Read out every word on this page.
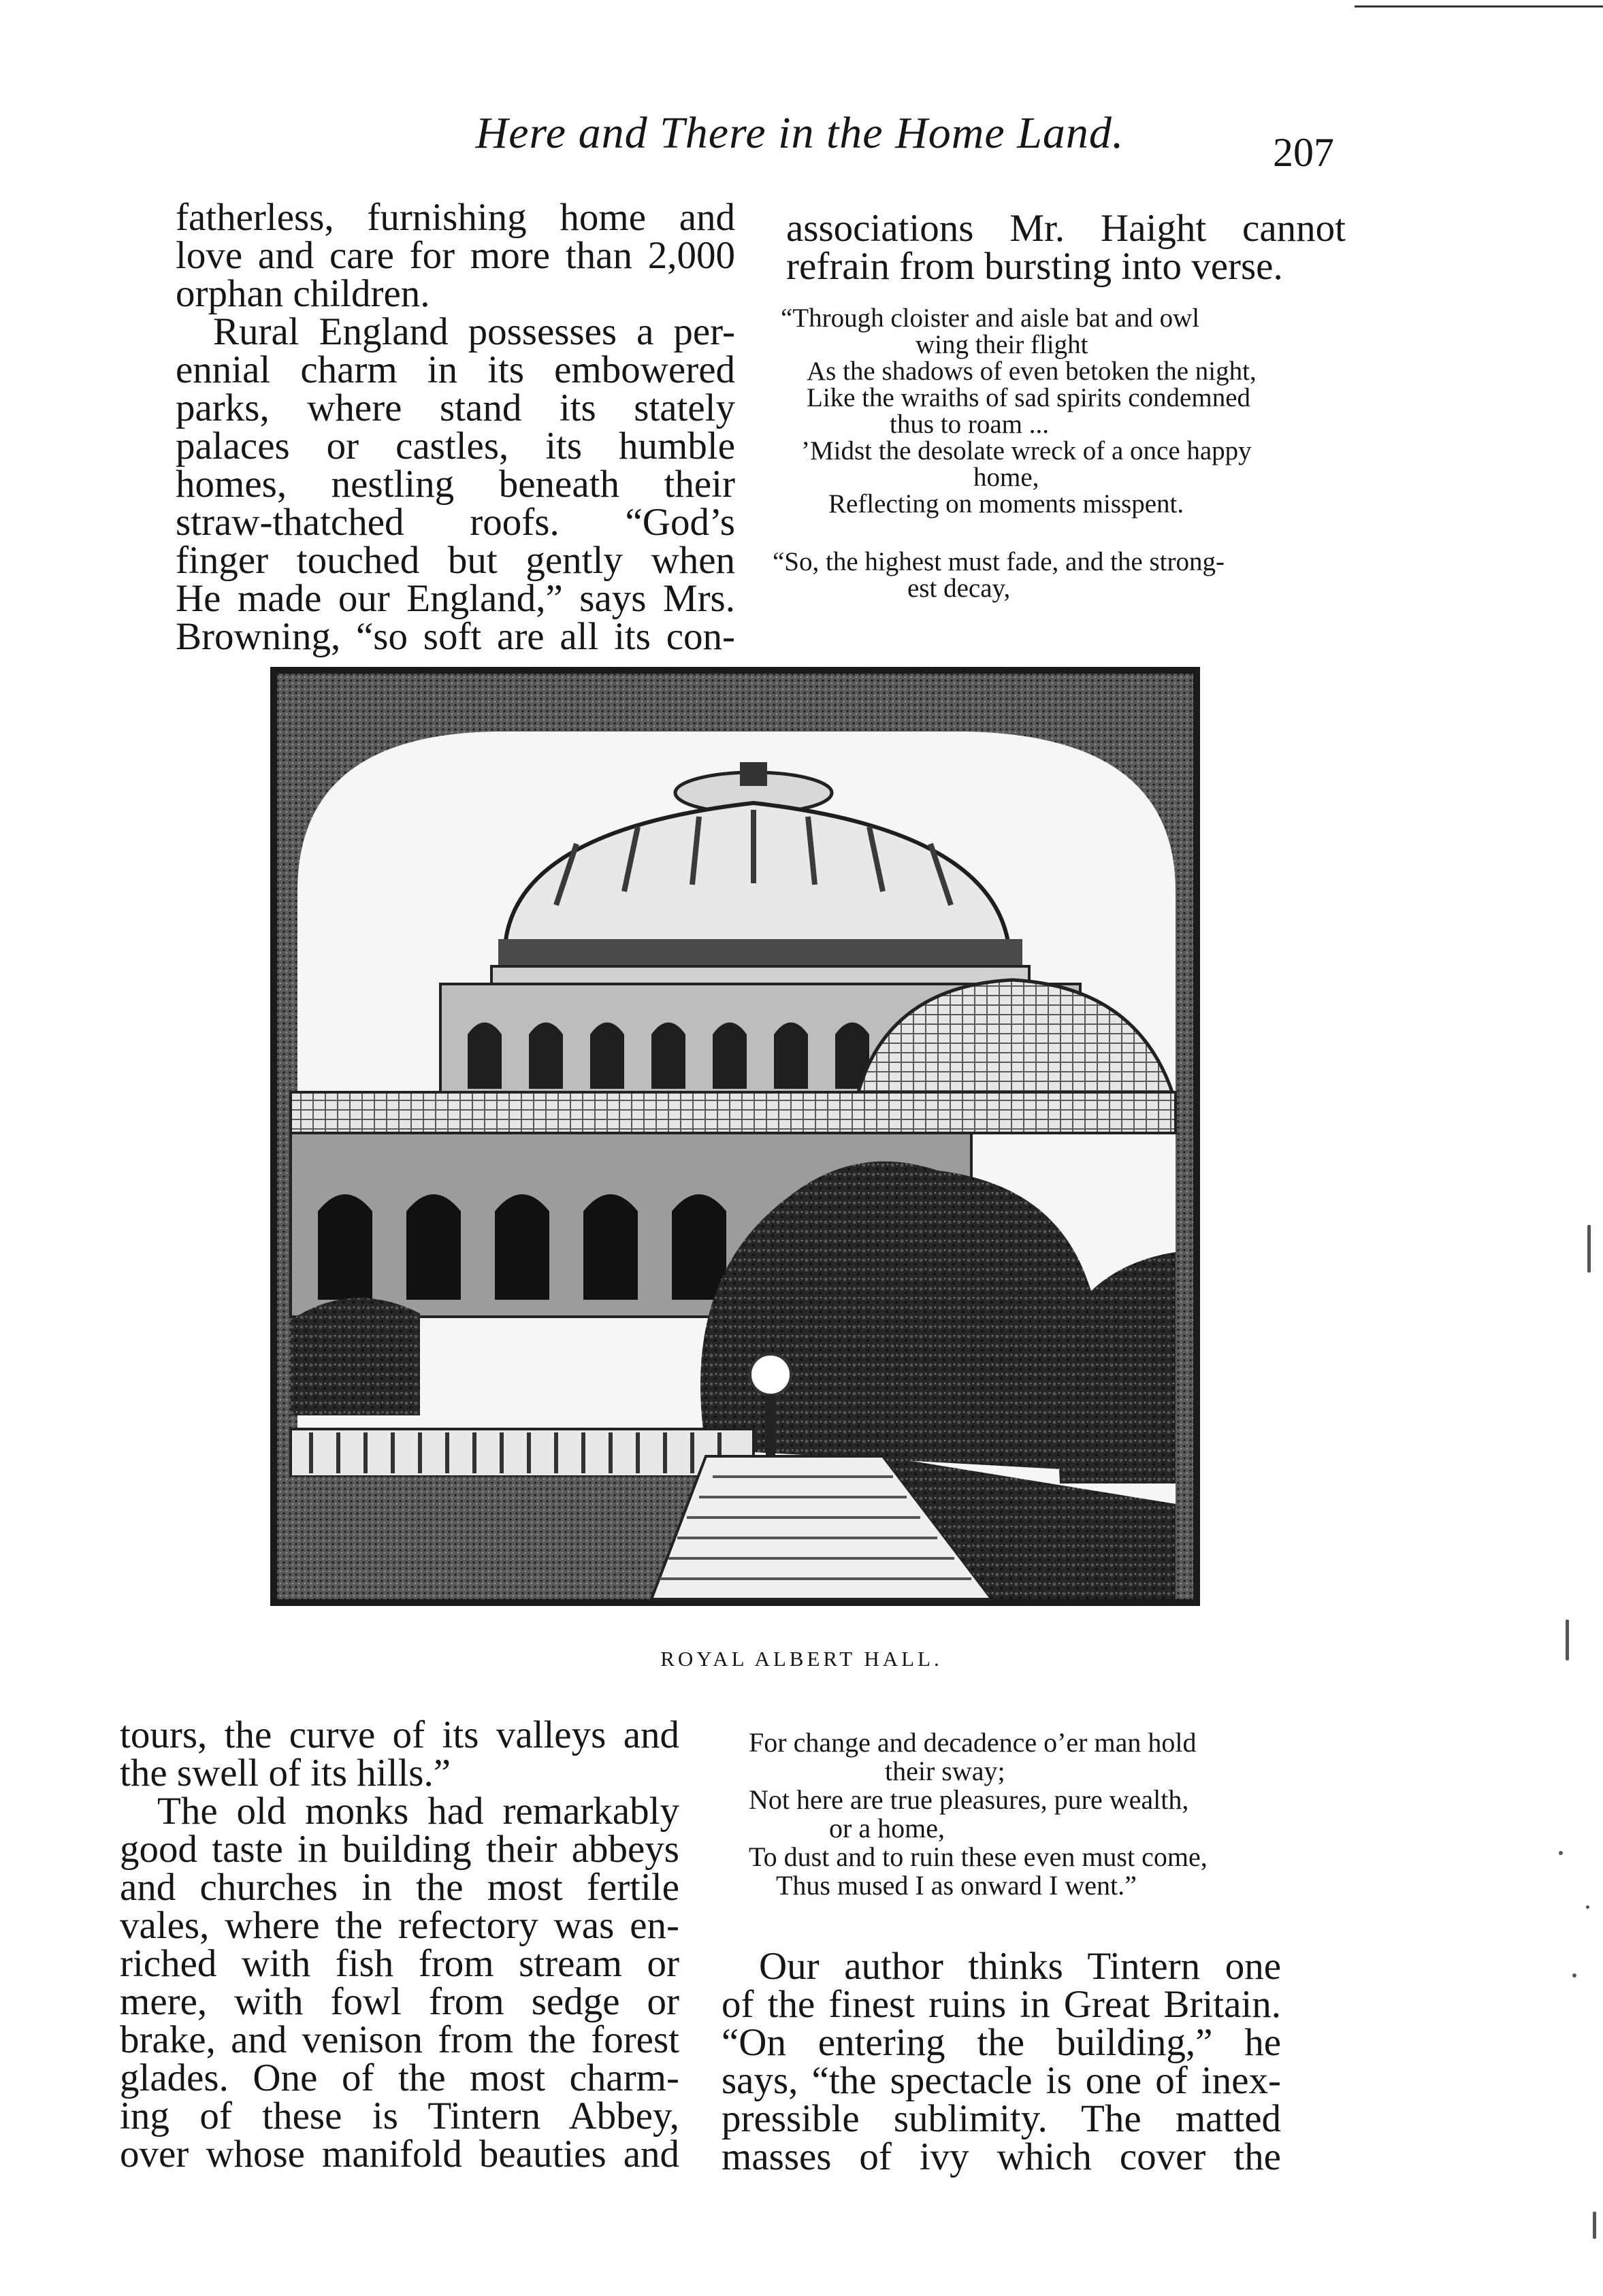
Here and There in the Home Land.	207

fatherless, furnishing home and

love and care for more than 2,000

orphan children.

Rural England possesses a per-

ennial charm in its embowered

parks, where stand its stately

palaces or castles, its humble

homes, nestling beneath their

straw-thatched roofs. “God’s

finger touched but gently when

He made our England,” says Mrs.

Browning, “so soft are all its con-

associations Mr. Haight cannot

refrain from bursting into verse.

“Through cloister and aisle bat and owl

wing their flight

As the shadows of even betoken the night,

Like the wraiths of sad spirits condemned

thus to roam ...

’Midst the desolate wreck of a once happy

home,

Reflecting on moments misspent.

“So, the highest must fade, and the strong-

est decay,

ROYAL ALBERT HALL.

tours, the curve of its valleys and

the swell of its hills.”

The old monks had remarkably

good taste in building their abbeys

and churches in the most fertile

vales, where the refectory was en-

riched with fish from stream or

mere, with fowl from sedge or

brake, and venison from the forest

glades. One of the most charm-

ing of these is Tintern Abbey,

over whose manifold beauties and

For change and decadence o’er man hold

their sway;

Not here are true pleasures, pure wealth,

or a home,

To dust and to ruin these even must come,

Thus mused I as onward I went.”

Our author thinks Tintern one

of the finest ruins in Great Britain.

“On entering the building,” he

says, “the spectacle is one of inex-

pressible sublimity. The matted

masses of ivy which cover the
